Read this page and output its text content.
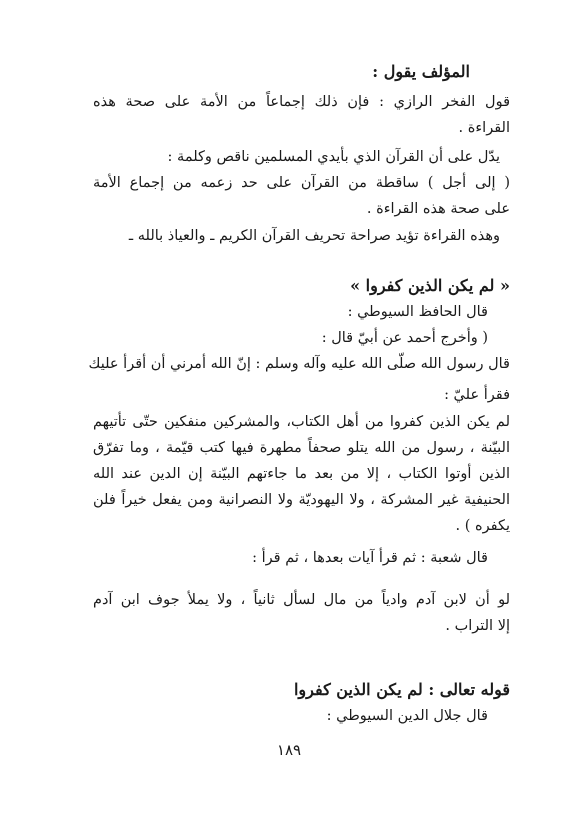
المؤلف يقول :
قول الفخر الرازي : فإن ذلك إجماعاً من الأمة على صحة هذه
القراءة .
يدّل على أن القرآن الذي بأيدي المسلمين ناقص وكلمة :
( إلى أجل ) ساقطة من القرآن على حد زعمه من إجماع الأمة
على صحة هذه القراءة .
وهذه القراءة تؤيد صراحة تحريف القرآن الكريم ـ والعياذ بالله ـ
« لم يكن الذين كفروا »
قال الحافظ السيوطي :
( وأخرج أحمد عن أبيّ قال :
قال رسول الله صلّى الله عليه وآله وسلم : إنّ الله أمرني أن أقرأ عليك
فقرأ عليّ :
لم يكن الذين كفروا من أهل الكتاب، والمشركين منفكين حتّى تأتيهم
البيّنة ، رسول من الله يتلو صحفاً مطهرة فيها كتب قيّمة ، وما تفرّق
الذين أوتوا الكتاب ، إلا من بعد ما جاءتهم البيّنة إن الدين عند الله
الحنيفية غير المشركة ، ولا اليهوديّة ولا النصرانية ومن يفعل خيراً فلن
يكفره ) .
قال شعبة : ثم قرأ آيات بعدها ، ثم قرأ :
لو أن لابن آدم وادياً من مال لسأل ثانياً ، ولا يملأ جوف ابن آدم
إلا التراب .
قوله تعالى : لم يكن الذين كفروا
قال جلال الدين السيوطي :
١٨٩
